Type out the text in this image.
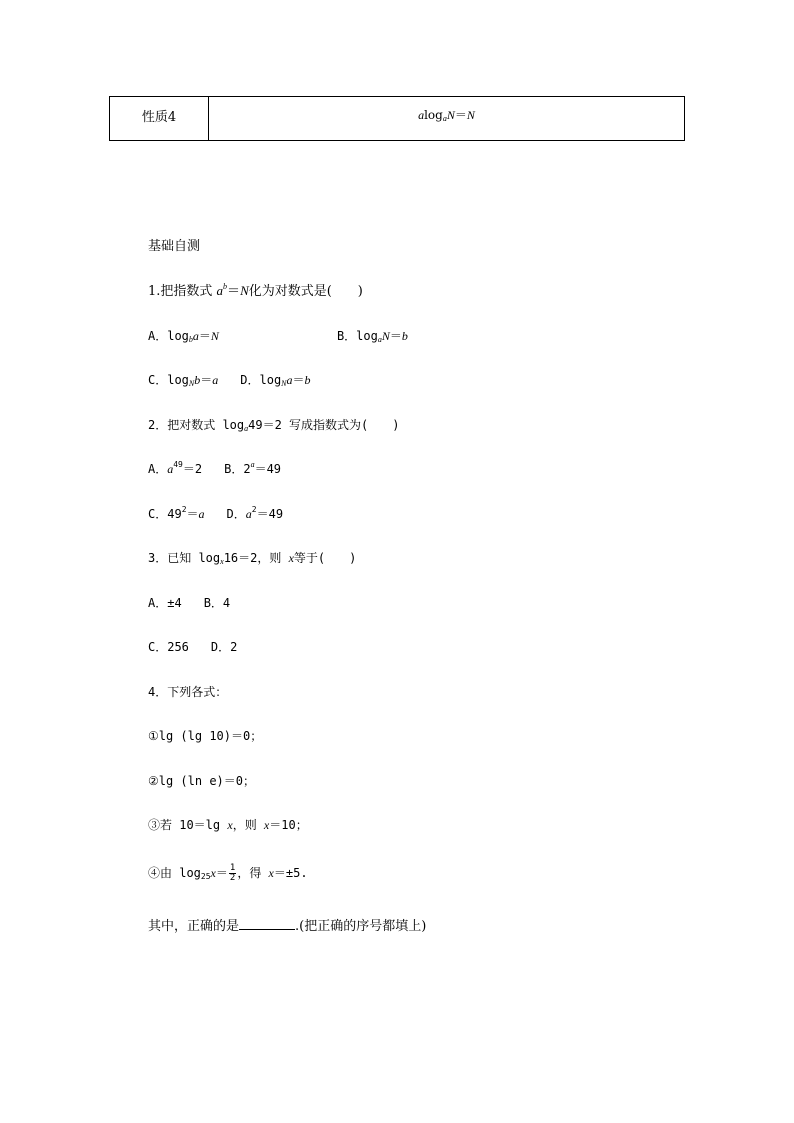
性质4	alog$_a$N＝N
基础自测
1.把指数式 $a^b=N$化为对数式是(　　)
A．$\log_ba=N$	B．$\log_aN=b$
C．$\log_Nb=a$ D．$\log_Na=b$
2．把对数式 $\log_a49=2$ 写成指数式为(　　)
A．$a^{49}=2$ B．$2^a=49$
C．$49^2=a$ D．$a^2=49$
3．已知 $\log_x16=2$，则 x等于(　　)
A．±4 B．4
C．256 D．2
4．下列各式：
①lg (lg 10)＝0；
②lg (ln e)＝0；
③若 10＝lg x，则 x＝10；
④由 $\log_{25}x= \frac{1}{2}$ ，得 x＝±5.
其中，正确的是	.(把正确的序号都填上)
